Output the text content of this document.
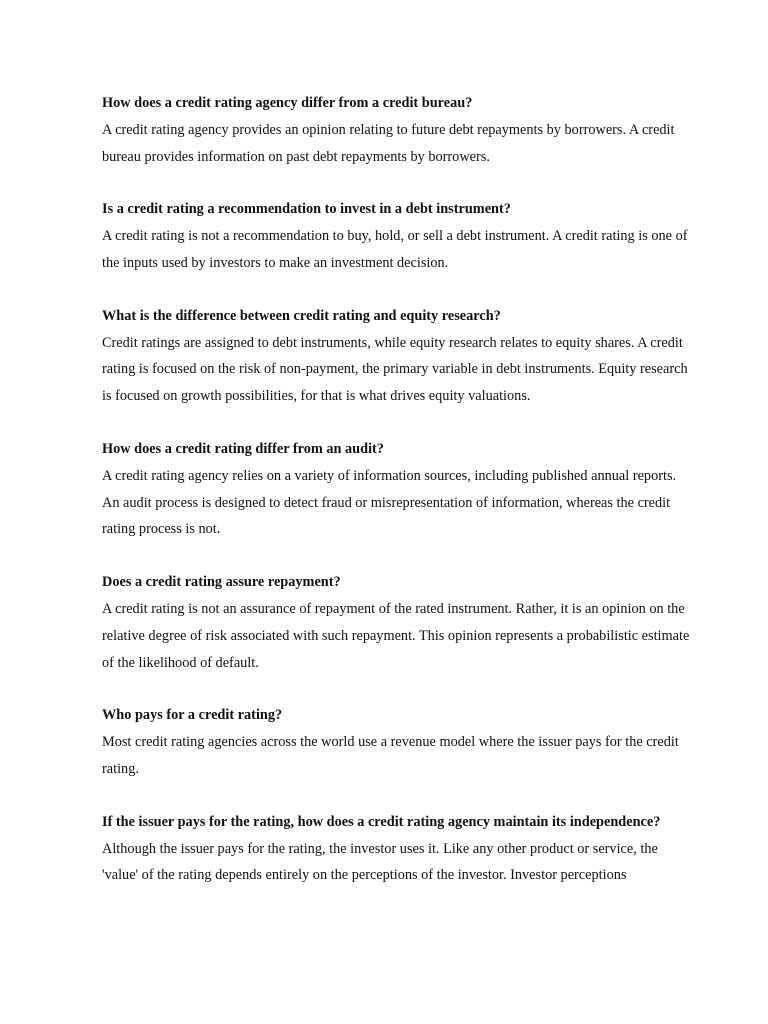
How does a credit rating agency differ from a credit bureau?

A credit rating agency provides an opinion relating to future debt repayments by borrowers. A credit bureau provides information on past debt repayments by borrowers.

Is a credit rating a recommendation to invest in a debt instrument?

A credit rating is not a recommendation to buy, hold, or sell a debt instrument. A credit rating is one of the inputs used by investors to make an investment decision.

What is the difference between credit rating and equity research?

Credit ratings are assigned to debt instruments, while equity research relates to equity shares. A credit rating is focused on the risk of non-payment, the primary variable in debt instruments. Equity research is focused on growth possibilities, for that is what drives equity valuations.

How does a credit rating differ from an audit?

A credit rating agency relies on a variety of information sources, including published annual reports. An audit process is designed to detect fraud or misrepresentation of information, whereas the credit rating process is not.

Does a credit rating assure repayment?

A credit rating is not an assurance of repayment of the rated instrument. Rather, it is an opinion on the relative degree of risk associated with such repayment. This opinion represents a probabilistic estimate of the likelihood of default.

Who pays for a credit rating?

Most credit rating agencies across the world use a revenue model where the issuer pays for the credit rating.

If the issuer pays for the rating, how does a credit rating agency maintain its independence?

Although the issuer pays for the rating, the investor uses it. Like any other product or service, the 'value' of the rating depends entirely on the perceptions of the investor. Investor perceptions
